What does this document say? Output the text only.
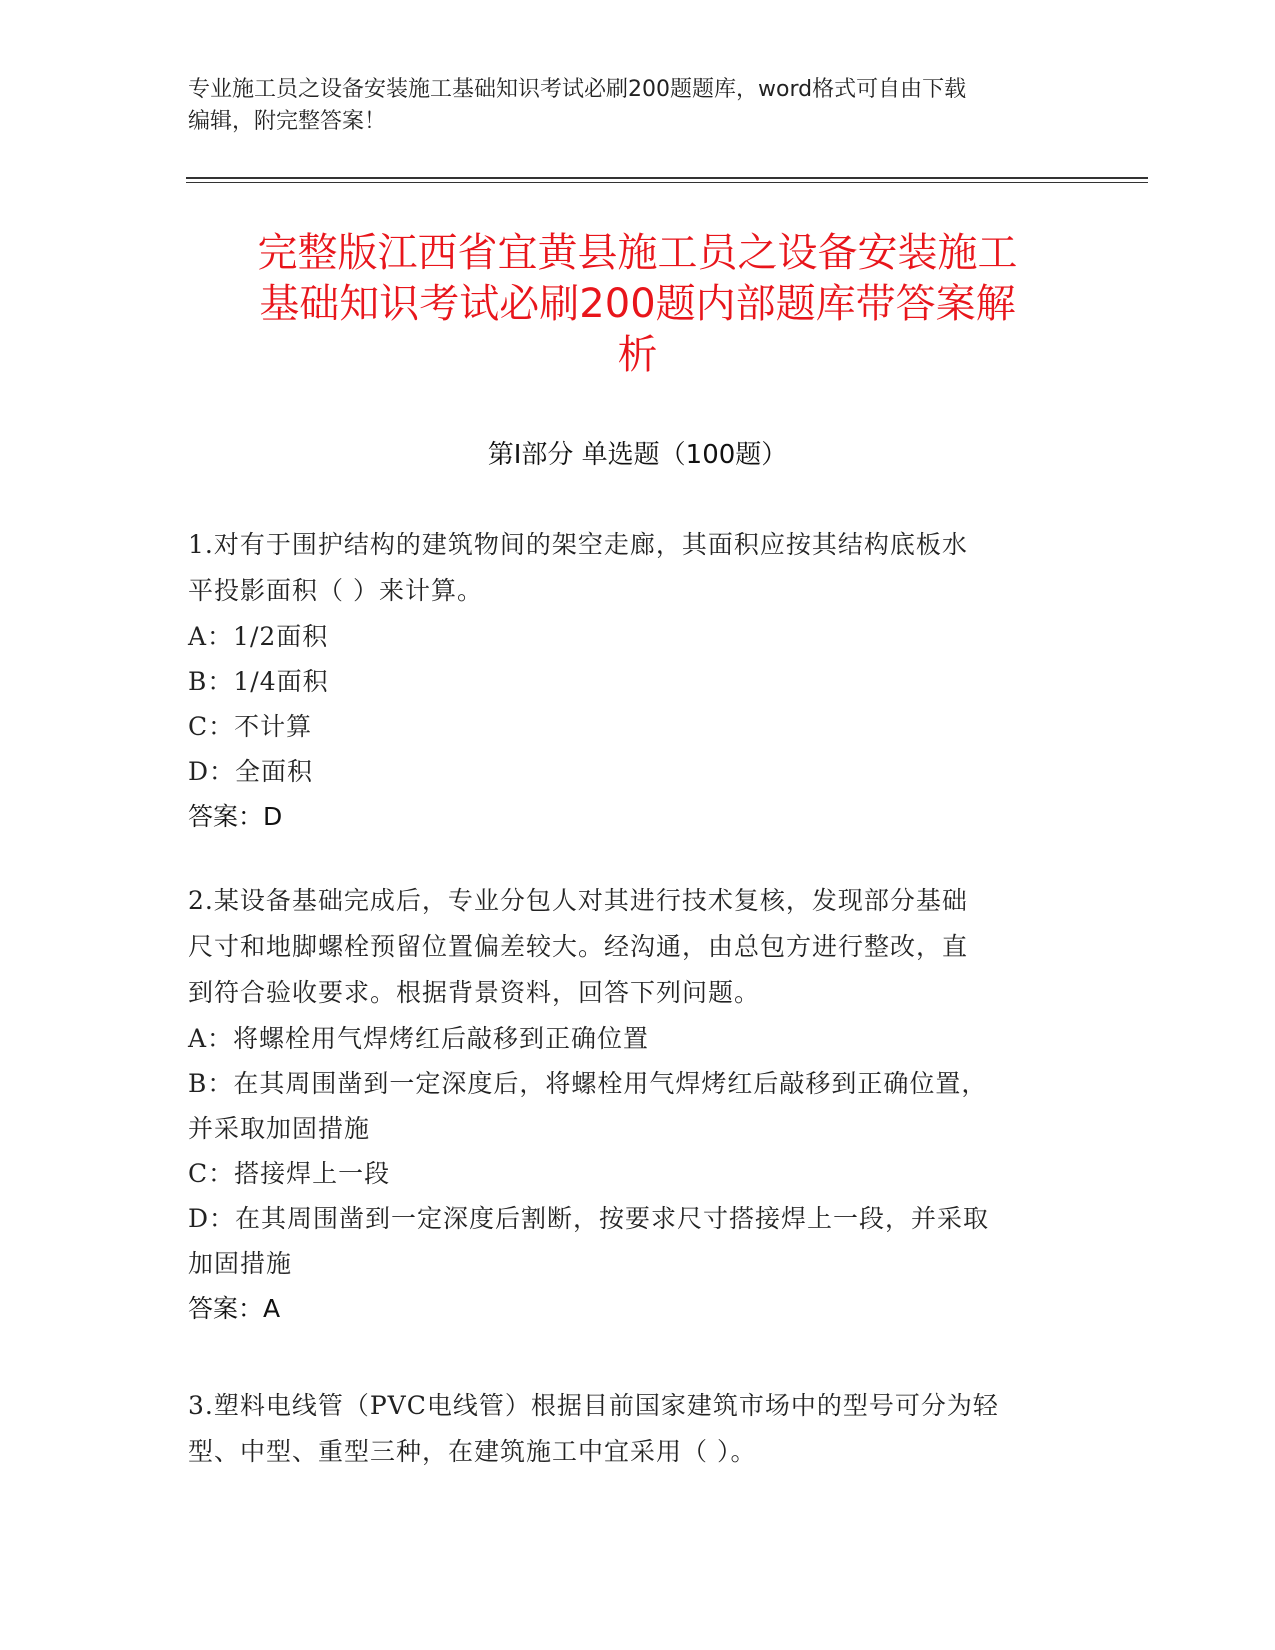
专业施工员之设备安装施工基础知识考试必刷200题题库，word格式可自由下载
编辑，附完整答案！
完整版江西省宜黄县施工员之设备安装施工
基础知识考试必刷200题内部题库带答案解
析
第Ⅰ部分 单选题（100题）
1.对有于围护结构的建筑物间的架空走廊，其面积应按其结构底板水
平投影面积（ ）来计算。
A：1/2面积
B：1/4面积
C：不计算
D：全面积
答案：D
2.某设备基础完成后，专业分包人对其进行技术复核，发现部分基础
尺寸和地脚螺栓预留位置偏差较大。经沟通，由总包方进行整改，直
到符合验收要求。根据背景资料，回答下列问题。
A：将螺栓用气焊烤红后敲移到正确位置
B：在其周围凿到一定深度后，将螺栓用气焊烤红后敲移到正确位置，
并采取加固措施
C：搭接焊上一段
D：在其周围凿到一定深度后割断，按要求尺寸搭接焊上一段，并采取
加固措施
答案：A
3.塑料电线管（PVC电线管）根据目前国家建筑市场中的型号可分为轻
型、中型、重型三种，在建筑施工中宜采用（ ）。
